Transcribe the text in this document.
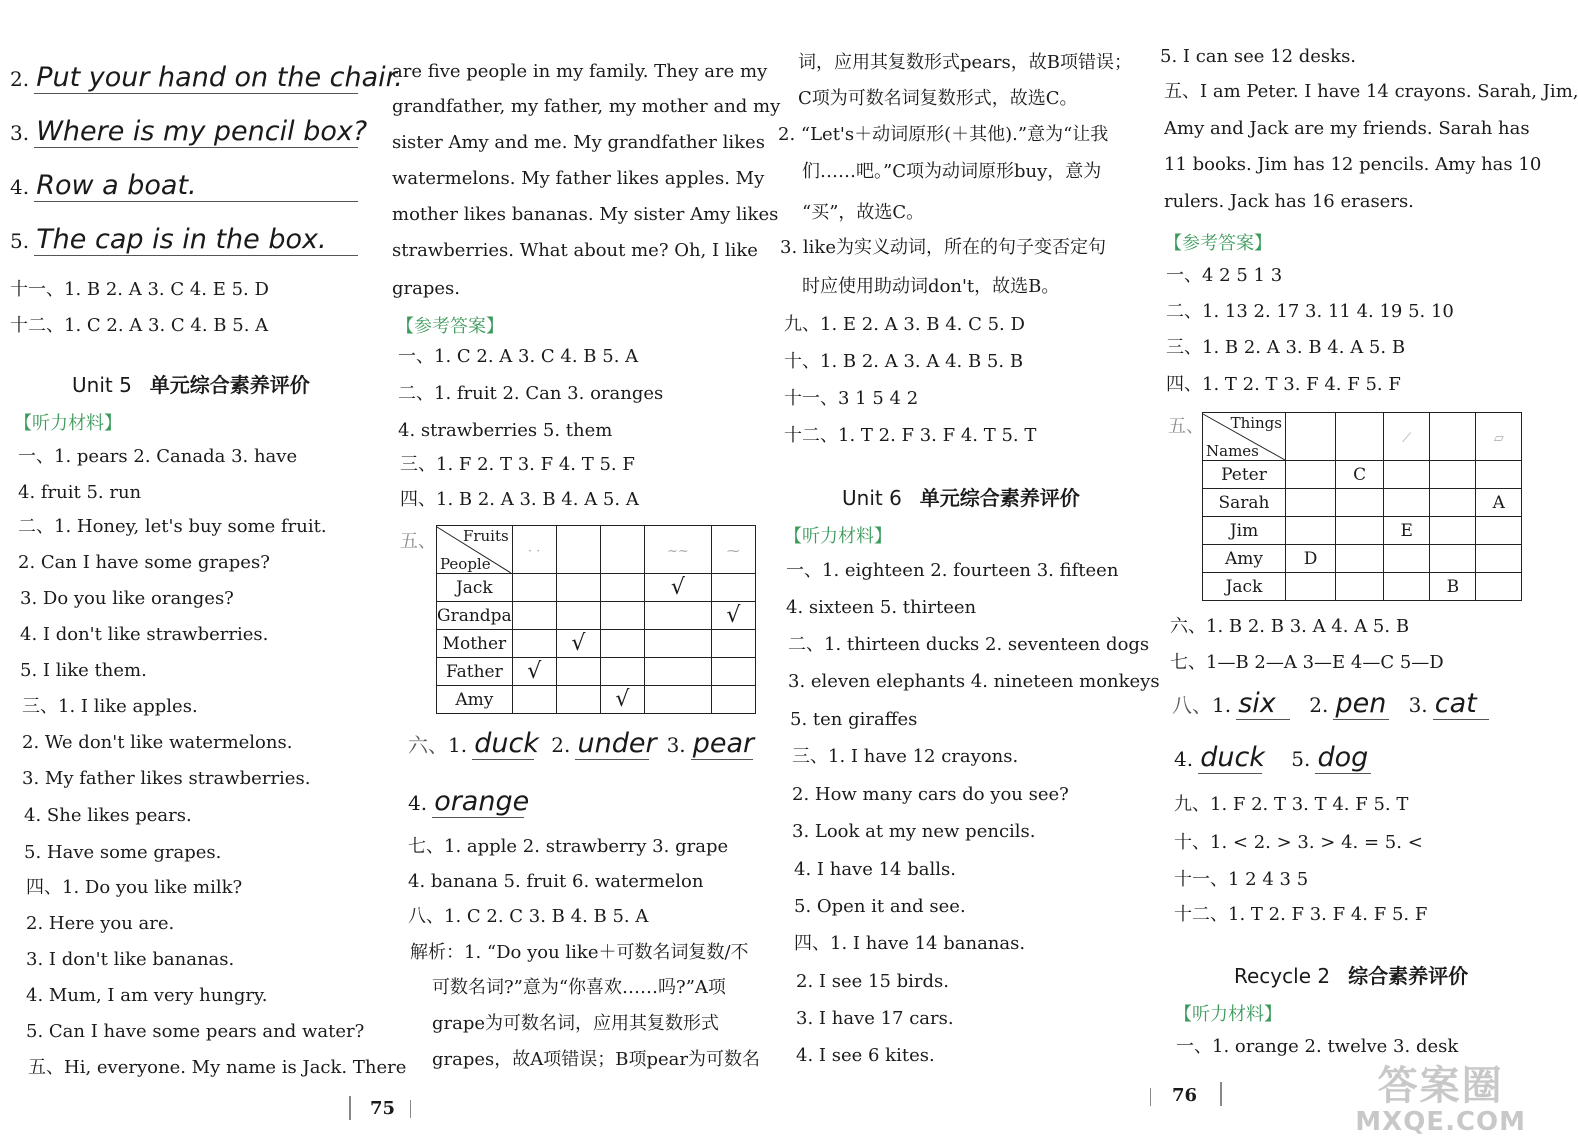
2. Put your hand on the chair.
3. Where is my pencil box?
4. Row a boat.
5. The cap is in the box.
十一、1. B 2. A 3. C 4. E 5. D
十二、1. C 2. A 3. C 4. B 5. A
Unit 5 单元综合素养评价
【听力材料】
一、1. pears 2. Canada 3. have
4. fruit 5. run
二、1. Honey, let's buy some fruit.
2. Can I have some grapes?
3. Do you like oranges?
4. I don't like strawberries.
5. I like them.
三、1. I like apples.
2. We don't like watermelons.
3. My father likes strawberries.
4. She likes pears.
5. Have some grapes.
四、1. Do you like milk?
2. Here you are.
3. I don't like bananas.
4. Mum, I am very hungry.
5. Can I have some pears and water?
五、Hi, everyone. My name is Jack. There
are five people in my family. They are my
grandfather, my father, my mother and my
sister Amy and me. My grandfather likes
watermelons. My father likes apples. My
mother likes bananas. My sister Amy likes
strawberries. What about me? Oh, I like
grapes.
【参考答案】
一、1. C 2. A 3. C 4. B 5. A
二、1. fruit 2. Can 3. oranges
4. strawberries 5. them
三、1. F 2. T 3. F 4. T 5. F
四、1. B 2. A 3. B 4. A 5. A
五、 Fruits
People	· ·			~~	⁓
Jack				√	
Grandpa					√
Mother		√			
Father	√				
Amy			√		
六、1. duck 2. under 3. pear
4. orange
七、1. apple 2. strawberry 3. grape
4. banana 5. fruit 6. watermelon
八、1. C 2. C 3. B 4. B 5. A
解析：1. “Do you like＋可数名词复数/不
可数名词?”意为“你喜欢……吗?”A项
grape为可数名词，应用其复数形式
grapes，故A项错误；B项pear为可数名
75
词，应用其复数形式pears，故B项错误；
C项为可数名词复数形式，故选C。
2. “Let's＋动词原形(＋其他).”意为“让我
们……吧。”C项为动词原形buy，意为
“买”，故选C。
3. like为实义动词，所在的句子变否定句
时应使用助动词don't，故选B。
九、1. E 2. A 3. B 4. C 5. D
十、1. B 2. A 3. A 4. B 5. B
十一、3 1 5 4 2
十二、1. T 2. F 3. F 4. T 5. T
Unit 6 单元综合素养评价
【听力材料】
一、1. eighteen 2. fourteen 3. fifteen
4. sixteen 5. thirteen
二、1. thirteen ducks 2. seventeen dogs
3. eleven elephants 4. nineteen monkeys
5. ten giraffes
三、1. I have 12 crayons.
2. How many cars do you see?
3. Look at my new pencils.
4. I have 14 balls.
5. Open it and see.
四、1. I have 14 bananas.
2. I see 15 birds.
3. I have 17 cars.
4. I see 6 kites.
5. I can see 12 desks.
五、I am Peter. I have 14 crayons. Sarah, Jim,
Amy and Jack are my friends. Sarah has
11 books. Jim has 12 pencils. Amy has 10
rulers. Jack has 16 erasers.
【参考答案】
一、4 2 5 1 3
二、1. 13 2. 17 3. 11 4. 19 5. 10
三、1. B 2. A 3. B 4. A 5. B
四、1. T 2. T 3. F 4. F 5. F
五、 Things
Names			⟋		▱
Peter		C			
Sarah					A
Jim			E		
Amy	D				
Jack				B	
六、1. B 2. B 3. A 4. A 5. B
七、1—B 2—A 3—E 4—C 5—D
八、1. six 2. pen 3. cat
4. duck 5. dog
九、1. F 2. T 3. T 4. F 5. T
十、1. < 2. > 3. > 4. = 5. <
十一、1 2 4 3 5
十二、1. T 2. F 3. F 4. F 5. F
Recycle 2 综合素养评价
【听力材料】
一、1. orange 2. twelve 3. desk
76	答案圈
MXQE.COM
